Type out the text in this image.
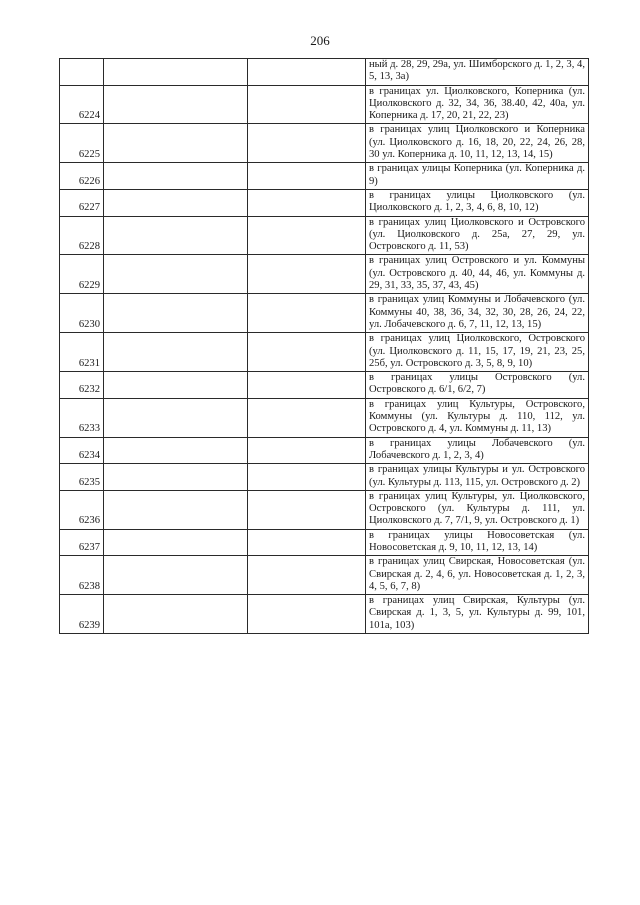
206
			ный д. 28, 29, 29а, ул. Шимборского д. 1, 2, 3, 4, 5, 13, 3а)
6224			в границах ул. Циолковского, Коперника (ул. Циолковского д. 32, 34, 36, 38.40, 42, 40а, ул. Коперника д. 17, 20, 21, 22, 23)
6225			в границах улиц Циолковского и Коперника (ул. Циолковского д. 16, 18, 20, 22, 24, 26, 28, 30 ул. Коперника д. 10, 11, 12, 13, 14, 15)
6226			в границах улицы Коперника (ул. Коперника д. 9)
6227			в границах улицы Циолковского (ул. Циолковского д. 1, 2, 3, 4, 6, 8, 10, 12)
6228			в границах улиц Циолковского и Островского (ул. Циолковского д. 25а, 27, 29, ул. Островского д. 11, 53)
6229			в границах улиц Островского и ул. Коммуны (ул. Островского д. 40, 44, 46, ул. Коммуны д. 29, 31, 33, 35, 37, 43, 45)
6230			в границах улиц Коммуны и Лобачевского (ул. Коммуны 40, 38, 36, 34, 32, 30, 28, 26, 24, 22, ул. Лобачевского д. 6, 7, 11, 12, 13, 15)
6231			в границах улиц Циолковского, Островского (ул. Циолковского д. 11, 15, 17, 19, 21, 23, 25, 25б, ул. Островского д. 3, 5, 8, 9, 10)
6232			в границах улицы Островского (ул. Островского д. 6/1, 6/2, 7)
6233			в границах улиц Культуры, Островского, Коммуны (ул. Культуры д. 110, 112, ул. Островского д. 4, ул. Коммуны д. 11, 13)
6234			в границах улицы Лобачевского (ул. Лобачевского д. 1, 2, 3, 4)
6235			в границах улицы Культуры и ул. Островского (ул. Культуры д. 113, 115, ул. Островского д. 2)
6236			в границах улиц Культуры, ул. Циолковского, Островского (ул. Культуры д. 111, ул. Циолковского д. 7, 7/1, 9, ул. Островского д. 1)
6237			в границах улицы Новосоветская (ул. Новосоветская д. 9, 10, 11, 12, 13, 14)
6238			в границах улиц Свирская, Новосоветская (ул. Свирская д. 2, 4, 6, ул. Новосоветская д. 1, 2, 3, 4, 5, 6, 7, 8)
6239			в границах улиц Свирская, Культуры (ул. Свирская д. 1, 3, 5, ул. Культуры д. 99, 101, 101а, 103)
